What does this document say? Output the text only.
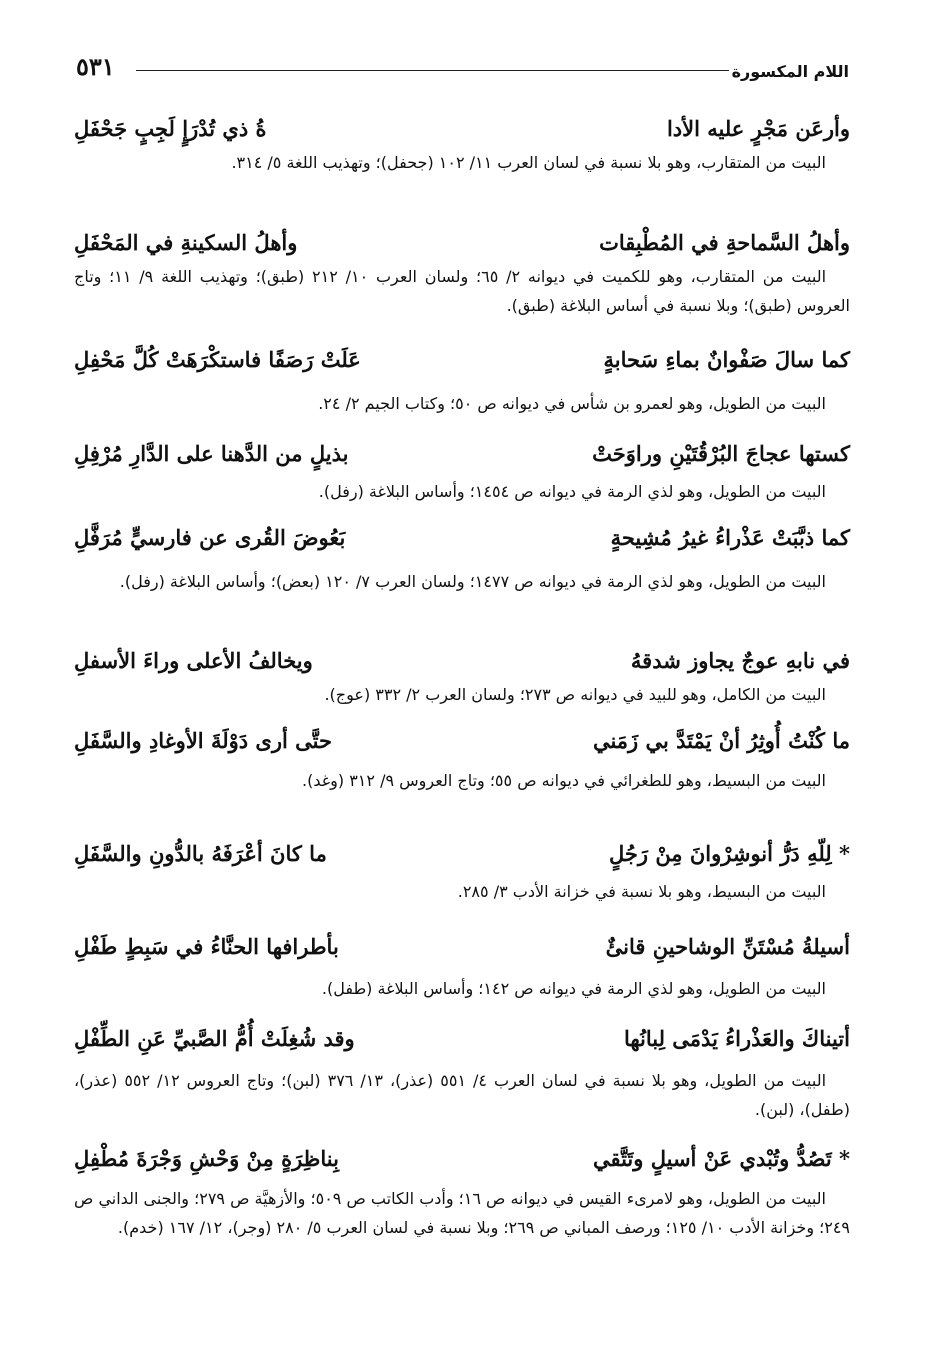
٥٣١	اللام المكسورة
وأرعَن مَجْرٍ عليه الأدا
ةُ ذي تُدْرَإٍ لَجِبٍ جَحْفَلِ
البيت من المتقارب، وهو بلا نسبة في لسان العرب ١١/ ١٠٢ (جحفل)؛ وتهذيب اللغة ٥/ ٣١٤.
وأهلُ السَّماحةِ في المُطْبِقات
وأهلُ السكينةِ في المَحْفَلِ
البيت من المتقارب، وهو للكميت في ديوانه ٢/ ٦٥؛ ولسان العرب ١٠/ ٢١٢ (طبق)؛ وتهذيب اللغة ٩/ ١١؛ وتاج العروس (طبق)؛ وبلا نسبة في أساس البلاغة (طبق).
كما سالَ صَفْوانٌ بماءِ سَحابةٍ
عَلَتْ رَصَفًا فاستكْرَهَتْ كُلَّ مَحْفِلِ
البيت من الطويل، وهو لعمرو بن شأس في ديوانه ص ٥٠؛ وكتاب الجيم ٢/ ٢٤.
كستها عجاجَ البُرْقُتَيْنِ وراوَحَتْ
بذيلٍ من الدَّهنا على الدَّارِ مُرْفِلِ
البيت من الطويل، وهو لذي الرمة في ديوانه ص ١٤٥٤؛ وأساس البلاغة (رفل).
كما ذبَّبَتْ عَذْراءُ غيرُ مُشِيحةٍ
بَعُوضَ القُرى عن فارسيٍّ مُرَفَّلِ
البيت من الطويل، وهو لذي الرمة في ديوانه ص ١٤٧٧؛ ولسان العرب ٧/ ١٢٠ (بعض)؛ وأساس البلاغة (رفل).
في نابهِ عوجٌ يجاوز شدقهُ
ويخالفُ الأعلى وراءَ الأسفلِ
البيت من الكامل، وهو للبيد في ديوانه ص ٢٧٣؛ ولسان العرب ٢/ ٣٣٢ (عوج).
ما كُنْتُ أُوثِرُ أنْ يَمْتَدَّ بي زَمَني
حتَّى أرى دَوْلَةَ الأوغادِ والسَّفَلِ
البيت من البسيط، وهو للطغرائي في ديوانه ص ٥٥؛ وتاج العروس ٩/ ٣١٢ (وغد).
* لِلّهِ دَرُّ أنوشِرْوانَ مِنْ رَجُلٍ
ما كانَ أعْرَفَهُ بالدُّونِ والسَّفَلِ
البيت من البسيط، وهو بلا نسبة في خزانة الأدب ٣/ ٢٨٥.
أسيلةُ مُسْتَنِّ الوشاحينِ قانئٌ
بأطرافها الحنَّاءُ في سَبِطٍ طَفْلِ
البيت من الطويل، وهو لذي الرمة في ديوانه ص ١٤٢؛ وأساس البلاغة (طفل).
أتيناكَ والعَذْراءُ يَدْمَى لِبانُها
وقد شُغِلَتْ أُمُّ الصَّبيِّ عَنِ الطِّفْلِ
البيت من الطويل، وهو بلا نسبة في لسان العرب ٤/ ٥٥١ (عذر)، ١٣/ ٣٧٦ (لبن)؛ وتاج العروس ١٢/ ٥٥٢ (عذر)، (طفل)، (لبن).
* تَصُدُّ وتُبْدي عَنْ أسيلٍ وتَتَّقي
بِناظِرَةٍ مِنْ وَحْشِ وَجْرَةَ مُطْفِلِ
البيت من الطويل، وهو لامرىء القيس في ديوانه ص ١٦؛ وأدب الكاتب ص ٥٠٩؛ والأزهيَّة ص ٢٧٩؛ والجنى الداني ص ٢٤٩؛ وخزانة الأدب ١٠/ ١٢٥؛ ورصف المباني ص ٢٦٩؛ وبلا نسبة في لسان العرب ٥/ ٢٨٠ (وجر)، ١٢/ ١٦٧ (خدم).
